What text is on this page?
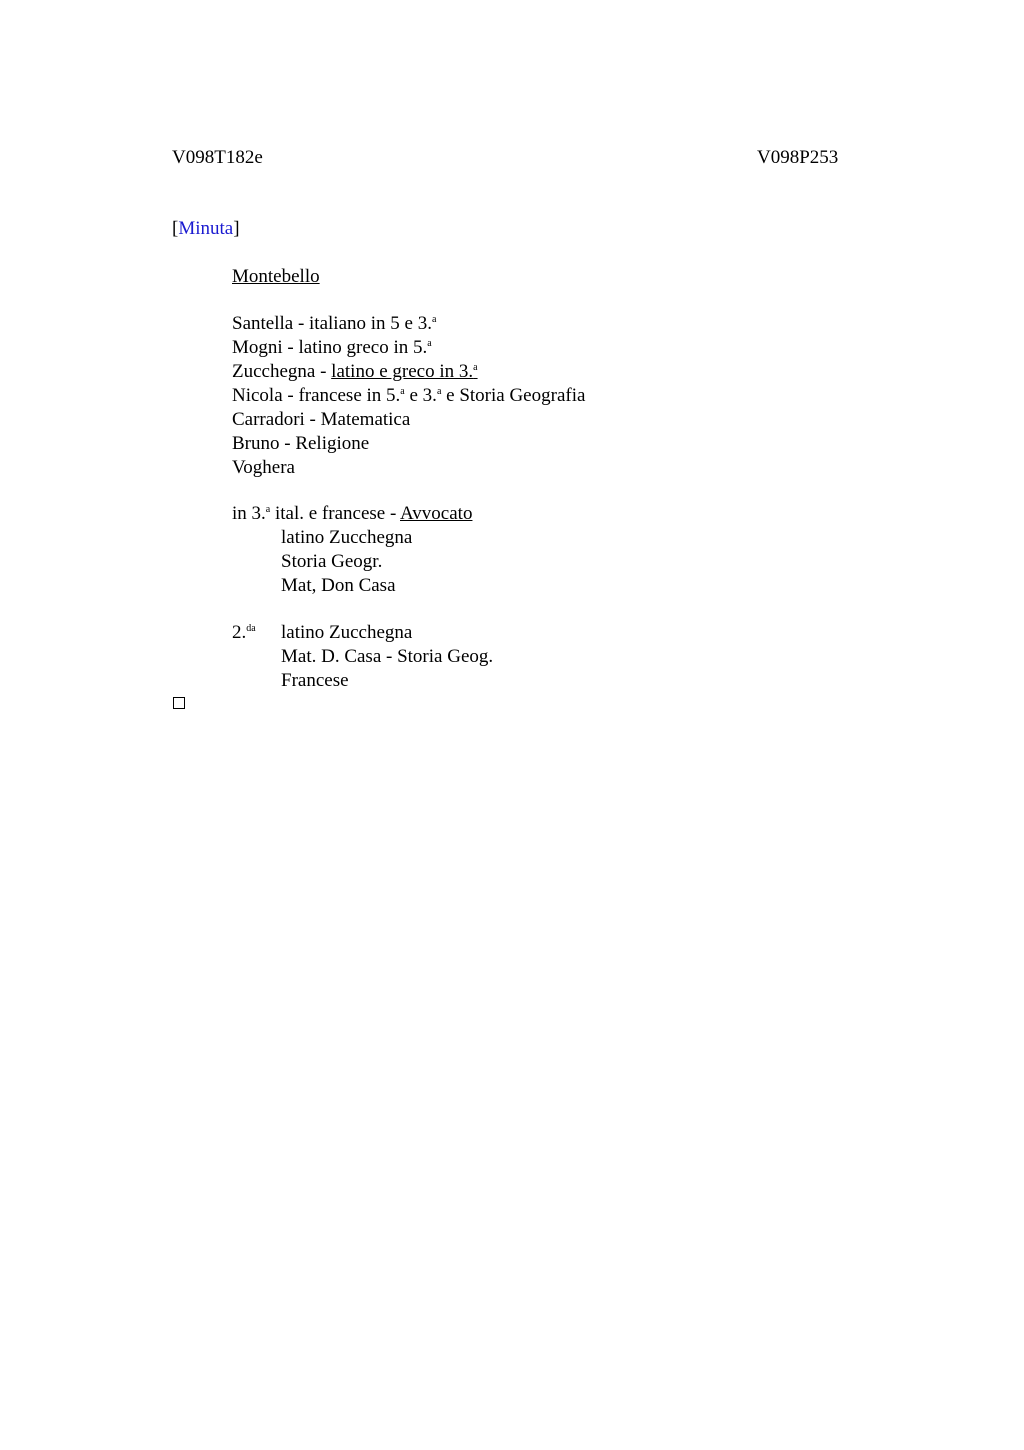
V098T182e	V098P253
[Minuta]
Montebello
Santella - italiano in 5 e 3.$^a$
Mogni - latino greco in 5.$^a$
Zucchegna - latino e greco in 3.$^a$
Nicola - francese in 5.$^a$ e 3.$^a$ e Storia Geografia
Carradori - Matematica
Bruno - Religione
Voghera
in 3.$^a$ ital. e francese - Avvocato
latino Zucchegna
Storia Geogr.
Mat, Don Casa
2.$^{da}$ latino Zucchegna
Mat. D. Casa - Storia Geog.
Francese
